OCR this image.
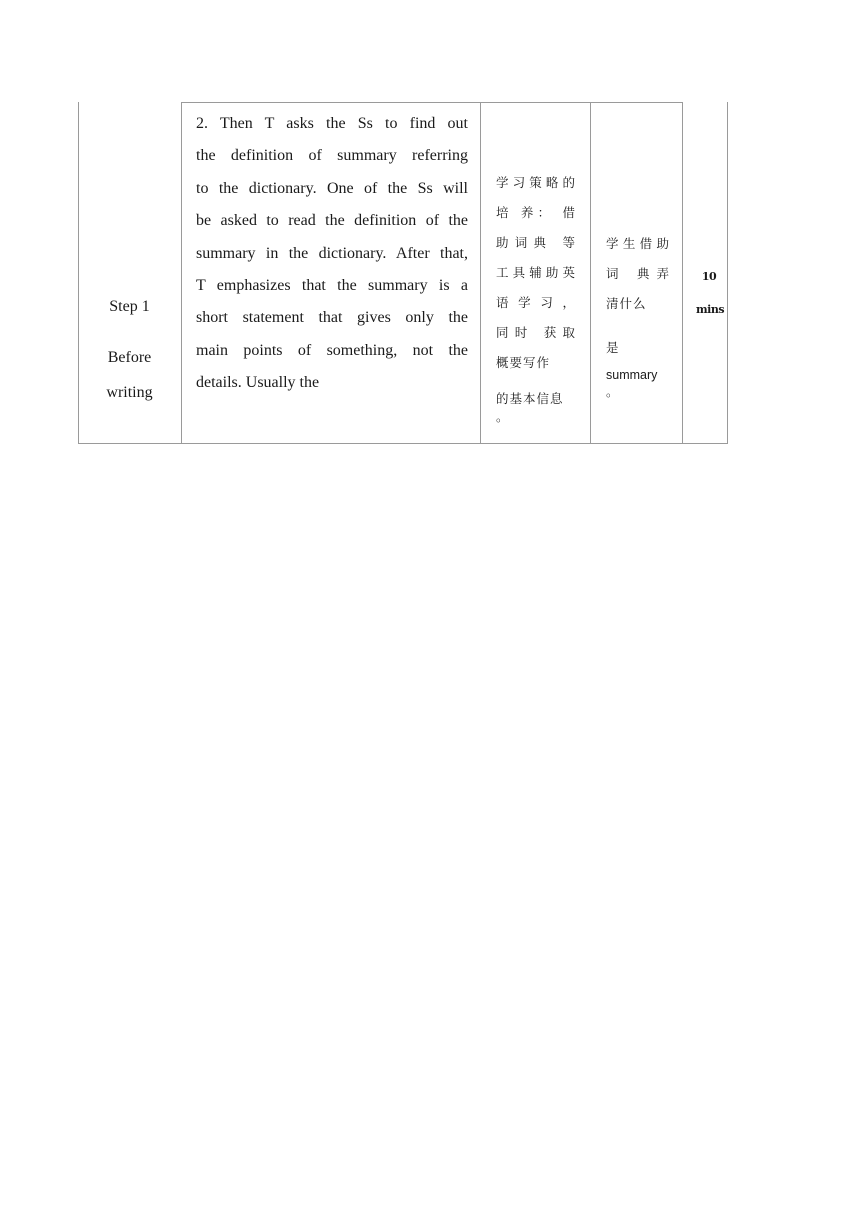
Step 1
Before
writing
2. Then T asks the Ss to find out
the definition of summary referring
to the dictionary. One of the Ss will
be asked to read the definition of the
summary in the dictionary. After that,
T emphasizes that the summary is a
short statement that gives only the
main points of something, not the
details. Usually the
学习策略的
培 养： 借
助词典 等
工具辅助英
语 学 习 ，
同时 获取
概要写作
的基本信息
。
学生借助
词 典弄
清什么
是
summary
。
10
mins
